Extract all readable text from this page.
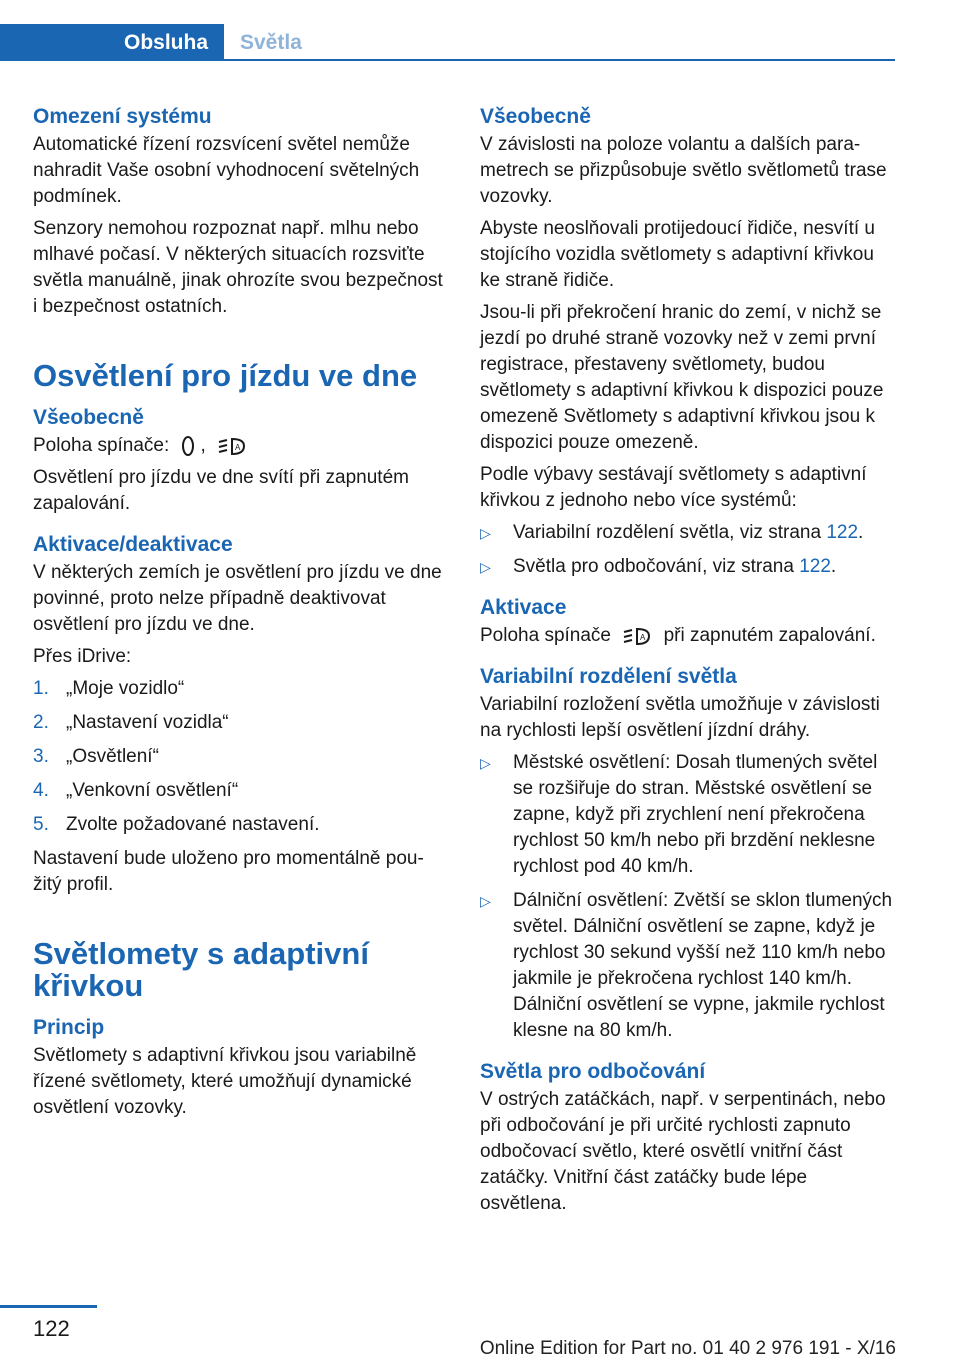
Obsluha	Světla
Omezení systému

Automatické řízení rozsvícení světel nemůže nahradit Vaše osobní vyhodnocení světelných podmínek.

Senzory nemohou rozpoznat např. mlhu nebo mlhavé počasí. V některých situacích rozsviťte světla manuálně, jinak ohrozíte svou bezpečnost i bezpečnost ostatních.

Osvětlení pro jízdu ve dne
Všeobecně

Poloha spínače: ,	A

Osvětlení pro jízdu ve dne svítí při zapnutém zapalování.

Aktivace/deaktivace

V některých zemích je osvětlení pro jízdu ve dne povinné, proto nelze případně deaktivovat osvětlení pro jízdu ve dne.

Přes iDrive:

1. „Moje vozidlo“
2. „Nastavení vozidla“
3. „Osvětlení“
4. „Venkovní osvětlení“
5. Zvolte požadované nastavení.

Nastavení bude uloženo pro momentálně použitý profil.

Světlomety s adaptivní křivkou
Princip

Světlomety s adaptivní křivkou jsou variabilně řízené světlomety, které umožňují dynamické osvětlení vozovky.

Všeobecně

V závislosti na poloze volantu a dalších parametrech se přizpůsobuje světlo světlometů trase vozovky.

Abyste neoslňovali protijedoucí řidiče, nesvítí u stojícího vozidla světlomety s adaptivní křivkou ke straně řidiče.

Jsou-li při překročení hranic do zemí, v nichž se jezdí po druhé straně vozovky než v zemi první registrace, přestaveny světlomety, budou světlomety s adaptivní křivkou k dispozici pouze omezeně Světlomety s adaptivní křivkou jsou k dispozici pouze omezeně.

Podle výbavy sestávají světlomety s adaptivní křivkou z jednoho nebo více systémů:

▷	Variabilní rozdělení světla, viz strana 122.
▷	Světla pro odbočování, viz strana 122.
Aktivace

Poloha spínače	A při zapnutém zapalování.

Variabilní rozdělení světla

Variabilní rozložení světla umožňuje v závislosti na rychlosti lepší osvětlení jízdní dráhy.

▷	Městské osvětlení: Dosah tlumených světel se rozšiřuje do stran. Městské osvětlení se zapne, když při zrychlení není překročena rychlost 50 km/h nebo při brzdění neklesne rychlost pod 40 km/h.
▷	Dálniční osvětlení: Zvětší se sklon tlumených světel. Dálniční osvětlení se zapne, když je rychlost 30 sekund vyšší než 110 km/h nebo jakmile je překročena rychlost 140 km/h. Dálniční osvětlení se vypne, jakmile rychlost klesne na 80 km/h.
Světla pro odbočování

V ostrých zatáčkách, např. v serpentinách, nebo při odbočování je při určité rychlosti zapnuto odbočovací světlo, které osvětlí vnitřní část zatáčky. Vnitřní část zatáčky bude lépe osvětlena.

122
Online Edition for Part no. 01 40 2 976 191 - X/16
